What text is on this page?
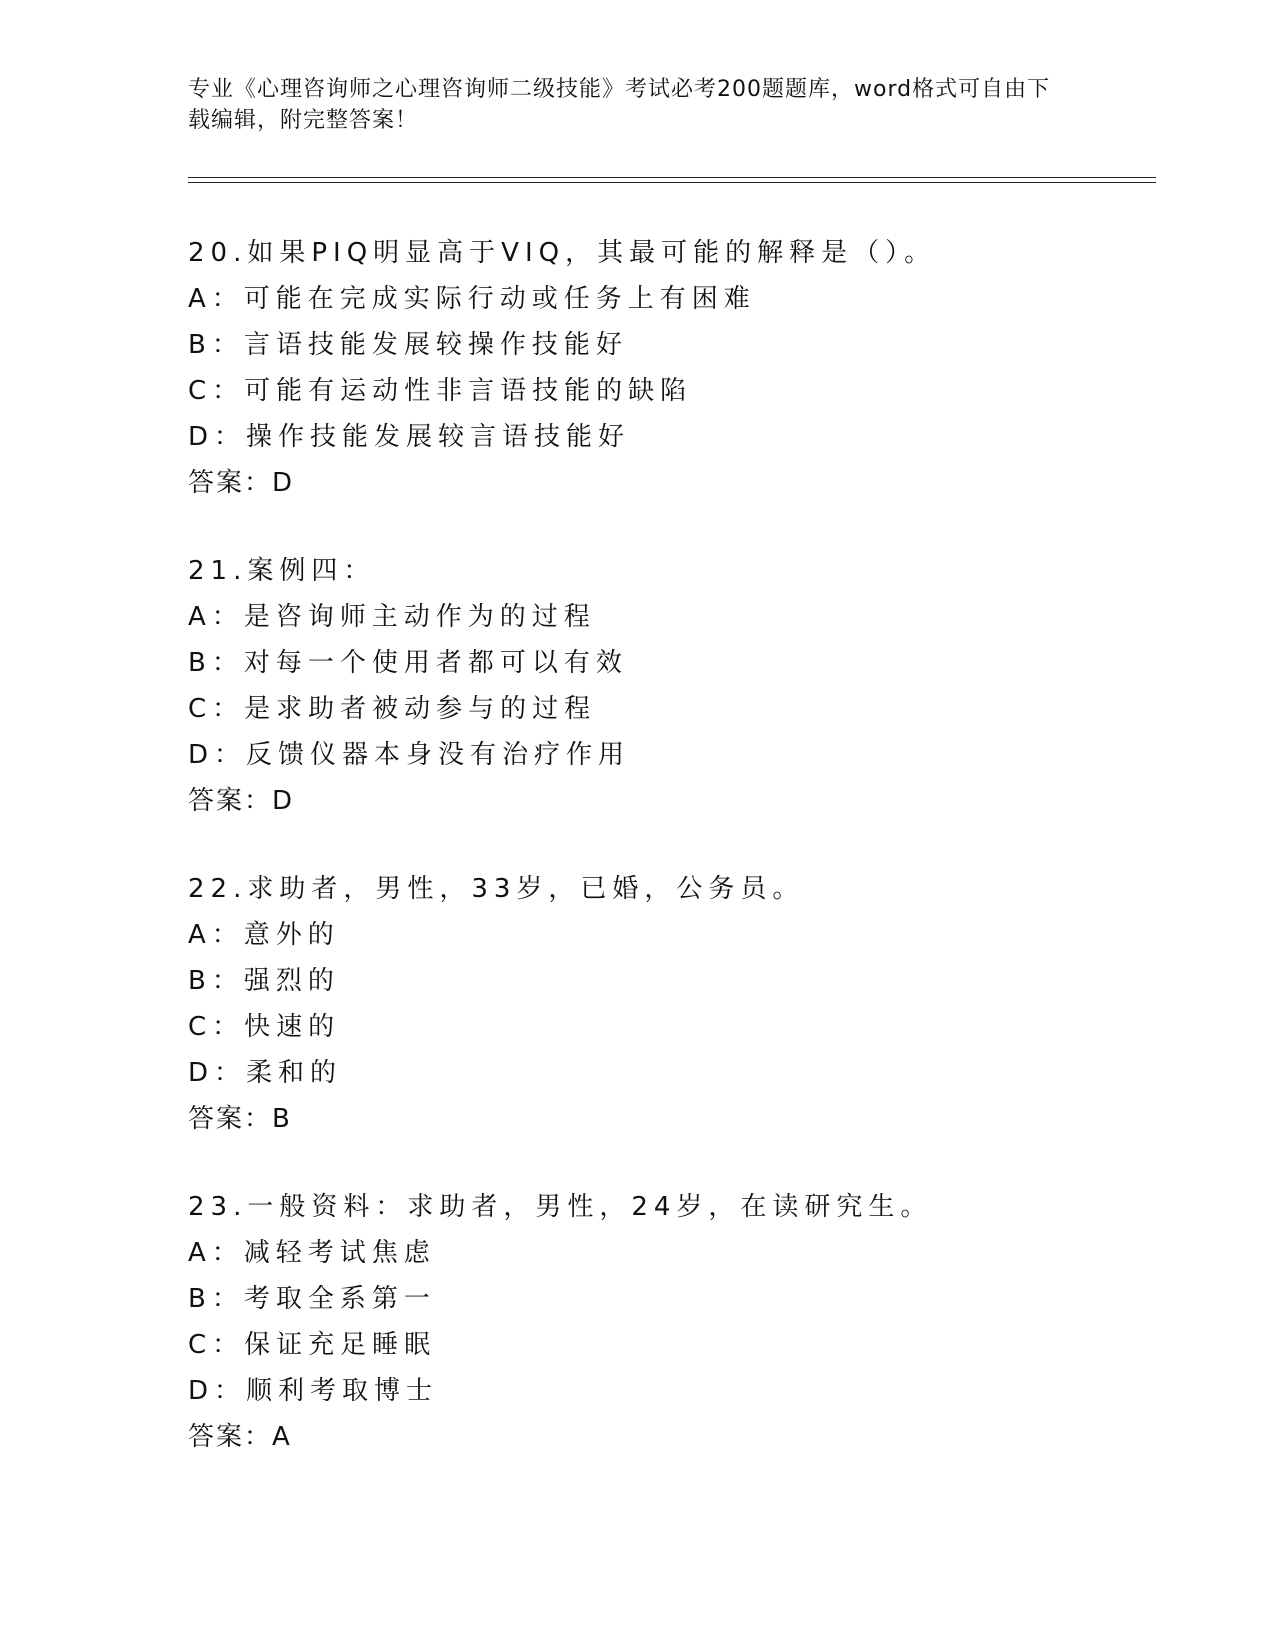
专业《心理咨询师之心理咨询师二级技能》考试必考200题题库，word格式可自由下载编辑，附完整答案！
20.如果PIQ明显高于VIQ，其最可能的解释是（）。
A：可能在完成实际行动或任务上有困难
B：言语技能发展较操作技能好
C：可能有运动性非言语技能的缺陷
D：操作技能发展较言语技能好
答案：D
21.案例四：
A：是咨询师主动作为的过程
B：对每一个使用者都可以有效
C：是求助者被动参与的过程
D：反馈仪器本身没有治疗作用
答案：D
22.求助者，男性，33岁，已婚，公务员。
A：意外的
B：强烈的
C：快速的
D：柔和的
答案：B
23.一般资料：求助者，男性，24岁，在读研究生。
A：减轻考试焦虑
B：考取全系第一
C：保证充足睡眠
D：顺利考取博士
答案：A
